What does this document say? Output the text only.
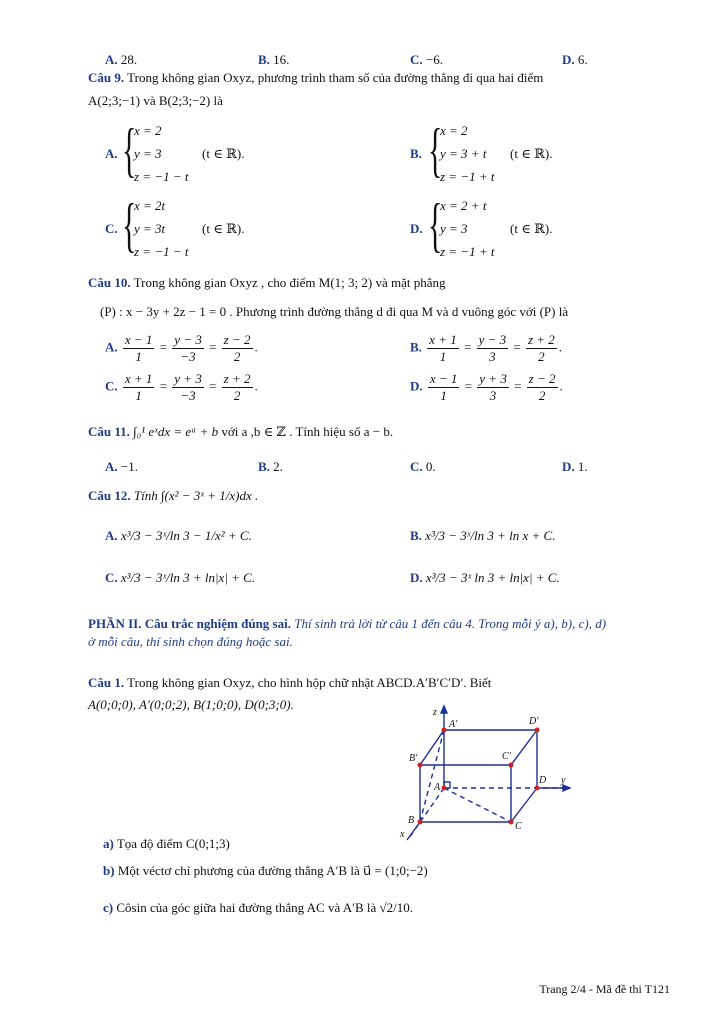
A. 28.	B. 16.	C. −6.	D. 6.
Câu 9. Trong không gian Oxyz, phương trình tham số của đường thẳng đi qua hai điểm
A(2;3;−1) và B(2;3;−2) là
A. {
x = 2
y = 3
z = −1 − t
(t ∈ ℝ).	B. {
x = 2
y = 3 + t
z = −1 + t
(t ∈ ℝ).
C. {
x = 2t
y = 3t
z = −1 − t
(t ∈ ℝ).	D. {
x = 2 + t
y = 3
z = −1 + t
(t ∈ ℝ).
Câu 10. Trong không gian Oxyz , cho điểm M(1; 3; 2) và mặt phẳng
(P) : x − 3y + 2z − 1 = 0 . Phương trình đường thẳng d đi qua M và d vuông góc với (P) là
A. $\frac{x - 1}{1} = \frac{y - 3}{-3} = \frac{z - 2}{2}$ .	B. $\frac{x + 1}{1} = \frac{y - 3}{3} = \frac{z + 2}{2}$ .
C. $\frac{x + 1}{1} = \frac{y + 3}{-3} = \frac{z + 2}{2}$ .	D. $\frac{x - 1}{1} = \frac{y + 3}{3} = \frac{z - 2}{2}$ .
Câu 11. ∫₀¹ eˣdx = eᵃ + b với a ,b ∈ ℤ . Tính hiệu số a − b.
A. −1.	B. 2.	C. 0.	D. 1.
Câu 12. Tính ∫(x² − 3ˣ + 1/x)dx .
A. x³/3 − 3ˣ/ln 3 − 1/x² + C.	B. x³/3 − 3ˣ/ln 3 + ln x + C.
C. x³/3 − 3ˣ/ln 3 + ln|x| + C.	D. x³/3 − 3ˣ ln 3 + ln|x| + C.
PHẦN II. Câu trắc nghiệm đúng sai. Thí sinh trả lời từ câu 1 đến câu 4. Trong mỗi ý a), b), c), d)
ở mỗi câu, thí sinh chọn đúng hoặc sai.
Câu 1. Trong không gian Oxyz, cho hình hộp chữ nhật ABCD.A′B′C′D′. Biết
A(0;0;0), A′(0;0;2), B(1;0;0), D(0;3;0).
z
y
x
A′	D′
B′	C′
A
D
B
C
a) Tọa độ điểm C(0;1;3)
b) Một véctơ chỉ phương của đường thẳng A′B là u⃗ = (1;0;−2)
c) Côsin của góc giữa hai đường thẳng AC và A′B là √2/10.
Trang 2/4 - Mã đề thi T121
